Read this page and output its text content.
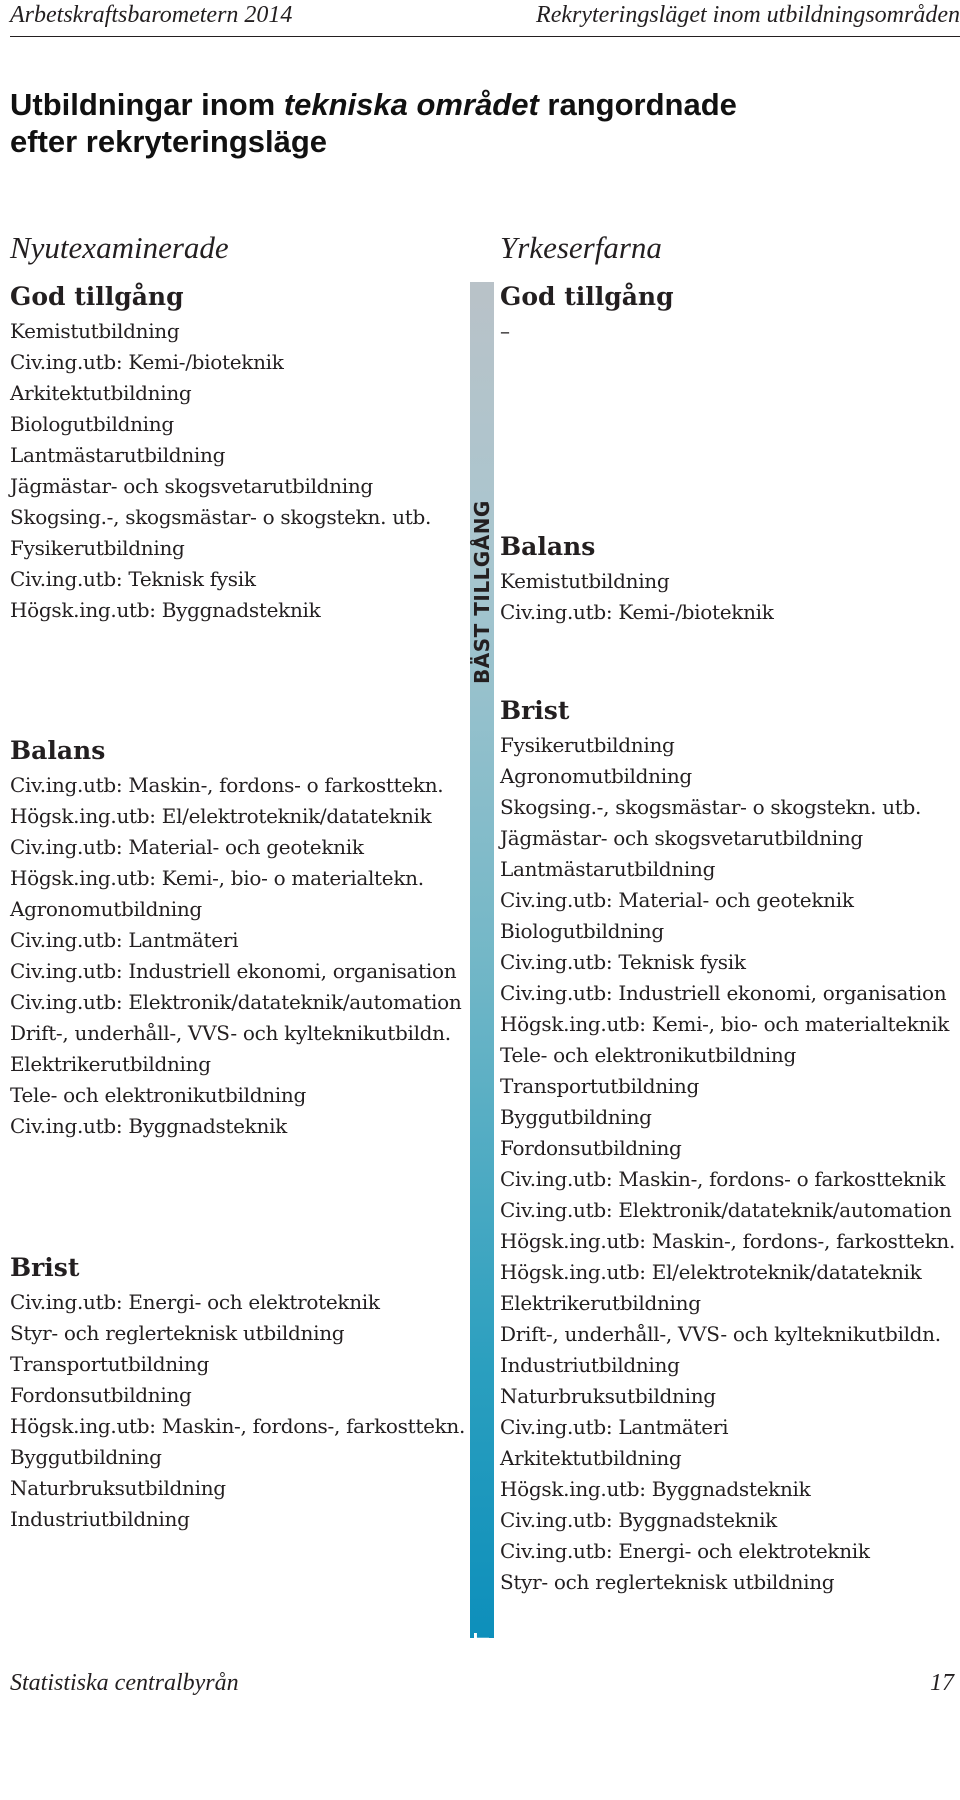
Arbetskraftsbarometern 2014	Rekryteringsläget inom utbildningsområden
Utbildningar inom tekniska området rangordnade
efter rekryteringsläge
Nyutexaminerade	Yrkeserfarna
God tillgång
Kemistutbildning
Civ.ing.utb: Kemi-/bioteknik
Arkitektutbildning
Biologutbildning
Lantmästarutbildning
Jägmästar- och skogsvetarutbildning
Skogsing.-, skogsmästar- o skogstekn. utb.
Fysikerutbildning
Civ.ing.utb: Teknisk fysik
Högsk.ing.utb: Byggnadsteknik
Balans
Civ.ing.utb: Maskin-, fordons- o farkosttekn.
Högsk.ing.utb: El/elektroteknik/datateknik
Civ.ing.utb: Material- och geoteknik
Högsk.ing.utb: Kemi-, bio- o materialtekn.
Agronomutbildning
Civ.ing.utb: Lantmäteri
Civ.ing.utb: Industriell ekonomi, organisation
Civ.ing.utb: Elektronik/datateknik/automation
Drift-, underhåll-, VVS- och kylteknikutbildn.
Elektrikerutbildning
Tele- och elektronikutbildning
Civ.ing.utb: Byggnadsteknik
Brist
Civ.ing.utb: Energi- och elektroteknik
Styr- och reglerteknisk utbildning
Transportutbildning
Fordonsutbildning
Högsk.ing.utb: Maskin-, fordons-, farkosttekn.
Byggutbildning
Naturbruksutbildning
Industriutbildning
BÄST TILLGÅNG
STÖRST BRIST
God tillgång
–
Balans
Kemistutbildning
Civ.ing.utb: Kemi-/bioteknik
Brist
Fysikerutbildning
Agronomutbildning
Skogsing.-, skogsmästar- o skogstekn. utb.
Jägmästar- och skogsvetarutbildning
Lantmästarutbildning
Civ.ing.utb: Material- och geoteknik
Biologutbildning
Civ.ing.utb: Teknisk fysik
Civ.ing.utb: Industriell ekonomi, organisation
Högsk.ing.utb: Kemi-, bio- och materialteknik
Tele- och elektronikutbildning
Transportutbildning
Byggutbildning
Fordonsutbildning
Civ.ing.utb: Maskin-, fordons- o farkostteknik
Civ.ing.utb: Elektronik/datateknik/automation
Högsk.ing.utb: Maskin-, fordons-, farkosttekn.
Högsk.ing.utb: El/elektroteknik/datateknik
Elektrikerutbildning
Drift-, underhåll-, VVS- och kylteknikutbildn.
Industriutbildning
Naturbruksutbildning
Civ.ing.utb: Lantmäteri
Arkitektutbildning
Högsk.ing.utb: Byggnadsteknik
Civ.ing.utb: Byggnadsteknik
Civ.ing.utb: Energi- och elektroteknik
Styr- och reglerteknisk utbildning
Statistiska centralbyrån	17
